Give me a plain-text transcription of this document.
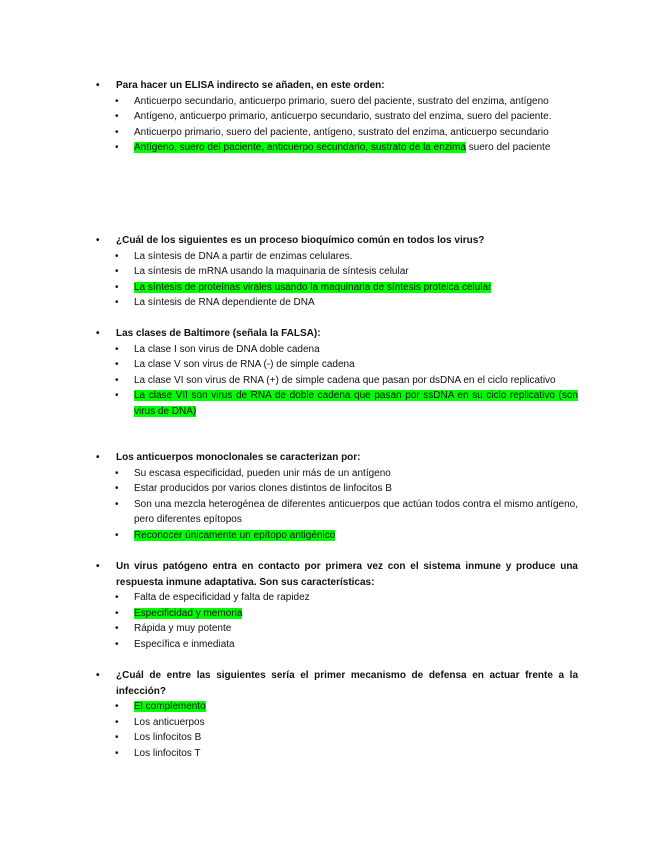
• Para hacer un ELISA indirecto se añaden, en este orden:
• Anticuerpo secundario, anticuerpo primario, suero del paciente, sustrato del enzima, antígeno
• Antígeno, anticuerpo primario, anticuerpo secundario, sustrato del enzima, suero del paciente.
• Anticuerpo primario, suero del paciente, antígeno, sustrato del enzima, anticuerpo secundario
• Antígeno, suero del paciente, anticuerpo secundario, sustrato de la enzima suero del paciente
• ¿Cuál de los siguientes es un proceso bioquímico común en todos los virus?
• La síntesis de DNA a partir de enzimas celulares.
• La síntesis de mRNA usando la maquinaria de síntesis celular
• La síntesis de proteínas virales usando la maquinaria de síntesis proteica celular
• La síntesis de RNA dependiente de DNA
• Las clases de Baltimore (señala la FALSA):
• La clase I son virus de DNA doble cadena
• La clase V son virus de RNA (-) de simple cadena
• La clase VI son virus de RNA (+) de simple cadena que pasan por dsDNA en el ciclo replicativo
• La clase VII son virus de RNA de doble cadena que pasan por ssDNA en su ciclo replicativo (son virus de DNA)
• Los anticuerpos monoclonales se caracterizan por:
• Su escasa especificidad, pueden unir más de un antígeno
• Estar producidos por varios clones distintos de linfocitos B
• Son una mezcla heterogénea de diferentes anticuerpos que actúan todos contra el mismo antígeno, pero diferentes epítopos
• Reconocer únicamente un epítopo antigénico
• Un virus patógeno entra en contacto por primera vez con el sistema inmune y produce una respuesta inmune adaptativa. Son sus características:
• Falta de especificidad y falta de rapidez
• Especificidad y memoria
• Rápida y muy potente
• Específica e inmediata
• ¿Cuál de entre las siguientes sería el primer mecanismo de defensa en actuar frente a la infección?
• El complemento
• Los anticuerpos
• Los linfocitos B
• Los linfocitos T
